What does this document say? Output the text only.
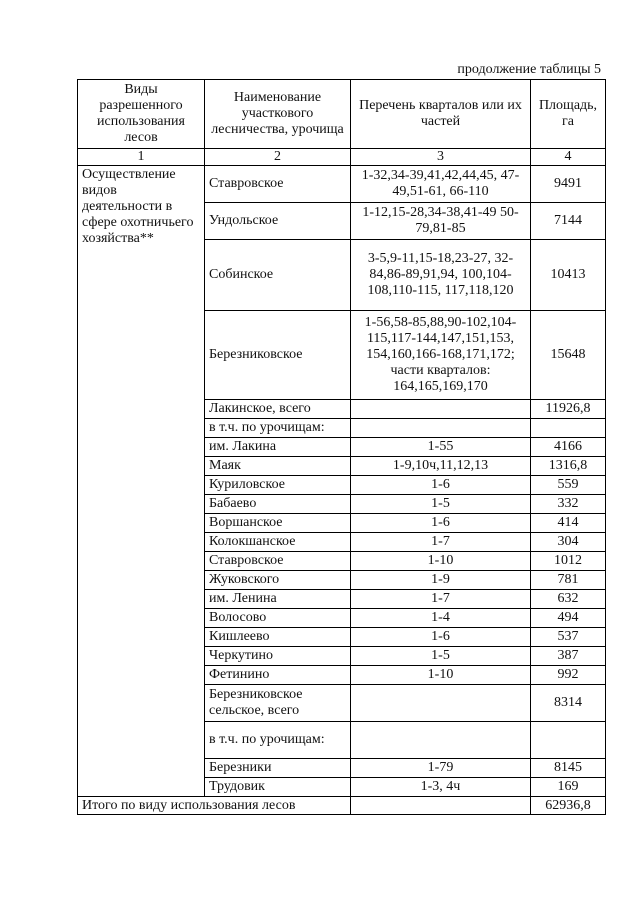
продолжение таблицы 5
Виды разрешенного использования лесов	Наименование участкового лесничества, урочища	Перечень кварталов или их частей	Площадь, га
1	2	3	4
Осуществление видов деятельности в сфере охотничьего хозяйства**	Ставровское	1-32,34-39,41,42,44,45, 47-49,51-61, 66-110	9491
	Ундольское	1-12,15-28,34-38,41-49 50-79,81-85	7144
	Собинское	3-5,9-11,15-18,23-27, 32-84,86-89,91,94, 100,104-108,110-115, 117,118,120	10413
	Березниковское	1-56,58-85,88,90-102,104-115,117-144,147,151,153, 154,160,166-168,171,172; части кварталов: 164,165,169,170	15648
	Лакинское, всего		11926,8
	в т.ч. по урочищам:		
	им. Лакина	1-55	4166
	Маяк	1-9,10ч,11,12,13	1316,8
	Куриловское	1-6	559
	Бабаево	1-5	332
	Воршанское	1-6	414
	Колокшанское	1-7	304
	Ставровское	1-10	1012
	Жуковского	1-9	781
	им. Ленина	1-7	632
	Волосово	1-4	494
	Кишлеево	1-6	537
	Черкутино	1-5	387
	Фетинино	1-10	992
	Березниковское сельское, всего		8314
	в т.ч. по урочищам:		
	Березники	1-79	8145
	Трудовик	1-3, 4ч	169
Итого по виду использования лесов			62936,8
